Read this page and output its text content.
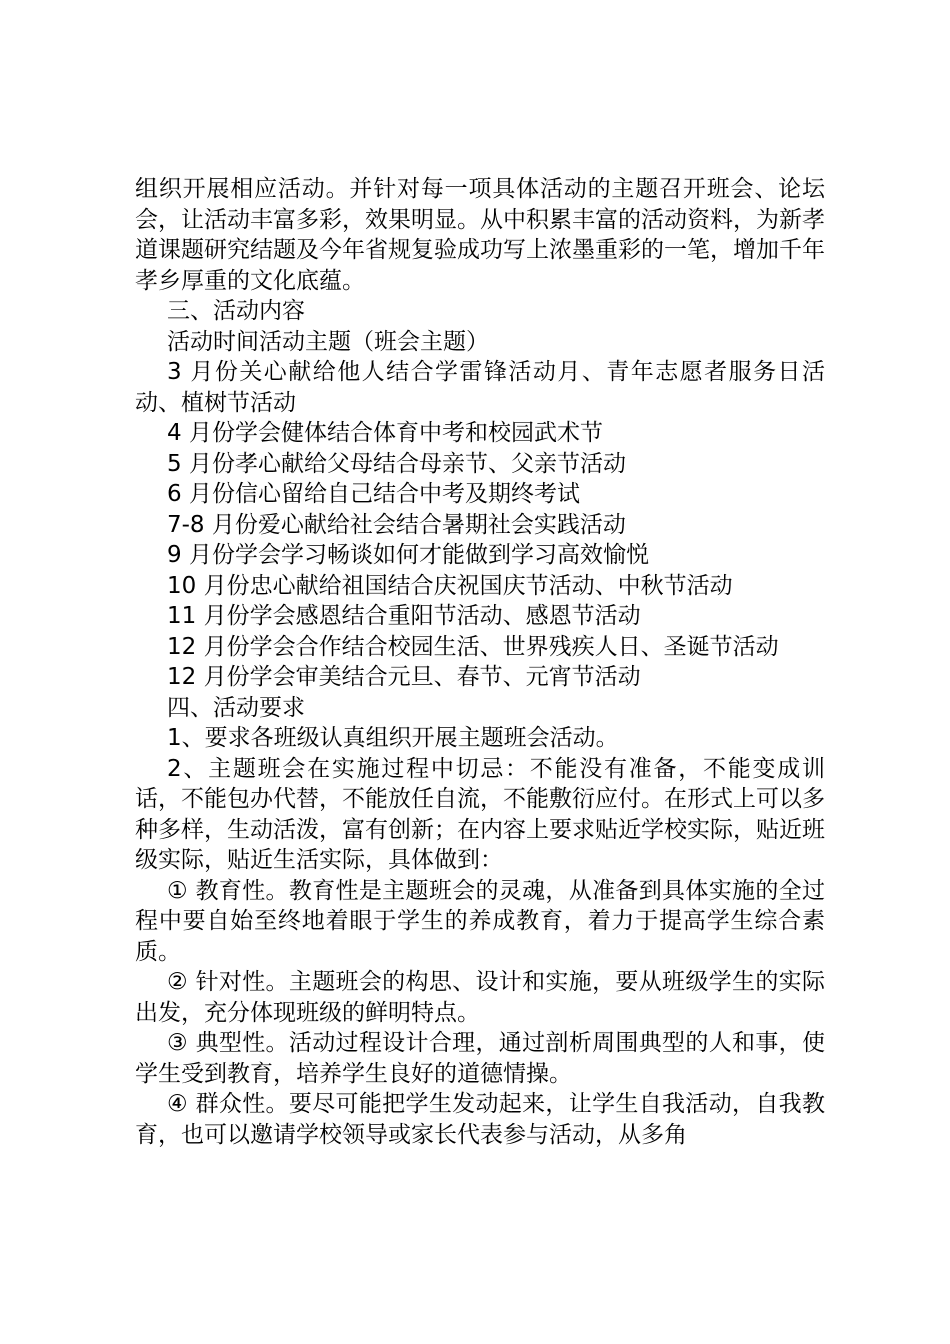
组织开展相应活动。并针对每一项具体活动的主题召开班会、论坛会，让活动丰富多彩，效果明显。从中积累丰富的活动资料，为新孝道课题研究结题及今年省规复验成功写上浓墨重彩的一笔，增加千年孝乡厚重的文化底蕴。

三、活动内容

活动时间活动主题（班会主题）

3 月份关心献给他人结合学雷锋活动月、青年志愿者服务日活动、植树节活动

4 月份学会健体结合体育中考和校园武术节

5 月份孝心献给父母结合母亲节、父亲节活动

6 月份信心留给自己结合中考及期终考试

7-8 月份爱心献给社会结合暑期社会实践活动

9 月份学会学习畅谈如何才能做到学习高效愉悦

10 月份忠心献给祖国结合庆祝国庆节活动、中秋节活动

11 月份学会感恩结合重阳节活动、感恩节活动

12 月份学会合作结合校园生活、世界残疾人日、圣诞节活动

12 月份学会审美结合元旦、春节、元宵节活动

四、活动要求

1、要求各班级认真组织开展主题班会活动。

2、主题班会在实施过程中切忌：不能没有准备，不能变成训话，不能包办代替，不能放任自流，不能敷衍应付。在形式上可以多种多样，生动活泼，富有创新；在内容上要求贴近学校实际，贴近班级实际，贴近生活实际，具体做到：

① 教育性。教育性是主题班会的灵魂，从准备到具体实施的全过程中要自始至终地着眼于学生的养成教育，着力于提高学生综合素质。

② 针对性。主题班会的构思、设计和实施，要从班级学生的实际出发，充分体现班级的鲜明特点。

③ 典型性。活动过程设计合理，通过剖析周围典型的人和事，使学生受到教育，培养学生良好的道德情操。

④ 群众性。要尽可能把学生发动起来，让学生自我活动，自我教育，也可以邀请学校领导或家长代表参与活动，从多角
